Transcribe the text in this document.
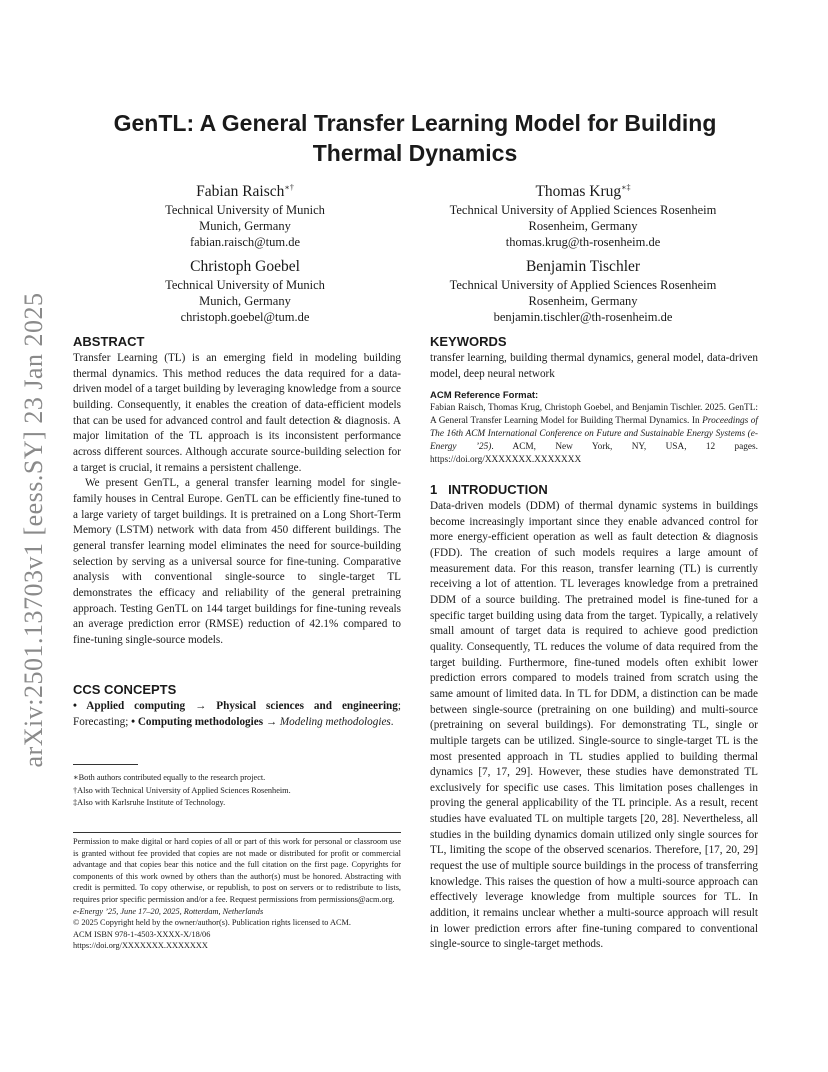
arXiv:2501.13703v1 [eess.SY] 23 Jan 2025
GenTL: A General Transfer Learning Model for Building Thermal Dynamics
Fabian Raisch∗†
Technical University of Munich
Munich, Germany
fabian.raisch@tum.de
Thomas Krug∗‡
Technical University of Applied Sciences Rosenheim
Rosenheim, Germany
thomas.krug@th-rosenheim.de
Christoph Goebel
Technical University of Munich
Munich, Germany
christoph.goebel@tum.de
Benjamin Tischler
Technical University of Applied Sciences Rosenheim
Rosenheim, Germany
benjamin.tischler@th-rosenheim.de
ABSTRACT

Transfer Learning (TL) is an emerging field in modeling building thermal dynamics. This method reduces the data required for a data-driven model of a target building by leveraging knowledge from a source building. Consequently, it enables the creation of data-efficient models that can be used for advanced control and fault detection & diagnosis. A major limitation of the TL approach is its inconsistent performance across different sources. Although accurate source-building selection for a target is crucial, it remains a persistent challenge.

We present GenTL, a general transfer learning model for single-family houses in Central Europe. GenTL can be efficiently fine-tuned to a large variety of target buildings. It is pretrained on a Long Short-Term Memory (LSTM) network with data from 450 different buildings. The general transfer learning model eliminates the need for source-building selection by serving as a universal source for fine-tuning. Comparative analysis with conventional single-source to single-target TL demonstrates the efficacy and reliability of the general pretraining approach. Testing GenTL on 144 target buildings for fine-tuning reveals an average prediction error (RMSE) reduction of 42.1% compared to fine-tuning single-source models.

CCS CONCEPTS

• Applied computing → Physical sciences and engineering; Forecasting; • Computing methodologies → Modeling methodologies.

∗Both authors contributed equally to the research project.
†Also with Technical University of Applied Sciences Rosenheim.
‡Also with Karlsruhe Institute of Technology.

Permission to make digital or hard copies of all or part of this work for personal or classroom use is granted without fee provided that copies are not made or distributed for profit or commercial advantage and that copies bear this notice and the full citation on the first page. Copyrights for components of this work owned by others than the author(s) must be honored. Abstracting with credit is permitted. To copy otherwise, or republish, to post on servers or to redistribute to lists, requires prior specific permission and/or a fee. Request permissions from permissions@acm.org.

e-Energy ’25, June 17–20, 2025, Rotterdam, Netherlands

© 2025 Copyright held by the owner/author(s). Publication rights licensed to ACM.

ACM ISBN 978-1-4503-XXXX-X/18/06

https://doi.org/XXXXXXX.XXXXXXX

KEYWORDS

transfer learning, building thermal dynamics, general model, data-driven model, deep neural network

ACM Reference Format:

Fabian Raisch, Thomas Krug, Christoph Goebel, and Benjamin Tischler. 2025. GenTL: A General Transfer Learning Model for Building Thermal Dynamics. In Proceedings of The 16th ACM International Conference on Future and Sustainable Energy Systems (e-Energy ’25). ACM, New York, NY, USA, 12 pages. https://doi.org/XXXXXXX.XXXXXXX

1   INTRODUCTION

Data-driven models (DDM) of thermal dynamic systems in buildings become increasingly important since they enable advanced control for more energy-efficient operation as well as fault detection & diagnosis (FDD). The creation of such models requires a large amount of measurement data. For this reason, transfer learning (TL) is currently receiving a lot of attention. TL leverages knowledge from a pretrained DDM of a source building. The pretrained model is fine-tuned for a specific target building using data from the target. Typically, a relatively small amount of target data is required to achieve good prediction quality. Consequently, TL reduces the volume of data required from the target building. Furthermore, fine-tuned models often exhibit lower prediction errors compared to models trained from scratch using the same amount of limited data. In TL for DDM, a distinction can be made between single-source (pretraining on one building) and multi-source (pretraining on several buildings). For demonstrating TL, single or multiple targets can be utilized. Single-source to single-target TL is the most presented approach in TL studies applied to building thermal dynamics [7, 17, 29]. However, these studies have demonstrated TL exclusively for specific use cases. This limitation poses challenges in proving the general applicability of the TL principle. As a result, recent studies have evaluated TL on multiple targets [20, 28]. Nevertheless, all studies in the building dynamics domain utilized only single sources for TL, limiting the scope of the observed scenarios. Therefore, [17, 20, 29] request the use of multiple source buildings in the process of transferring knowledge. This raises the question of how a multi-source approach can effectively leverage knowledge from multiple sources for TL. In addition, it remains unclear whether a multi-source approach will result in lower prediction errors after fine-tuning compared to conventional single-source to single-target methods.
